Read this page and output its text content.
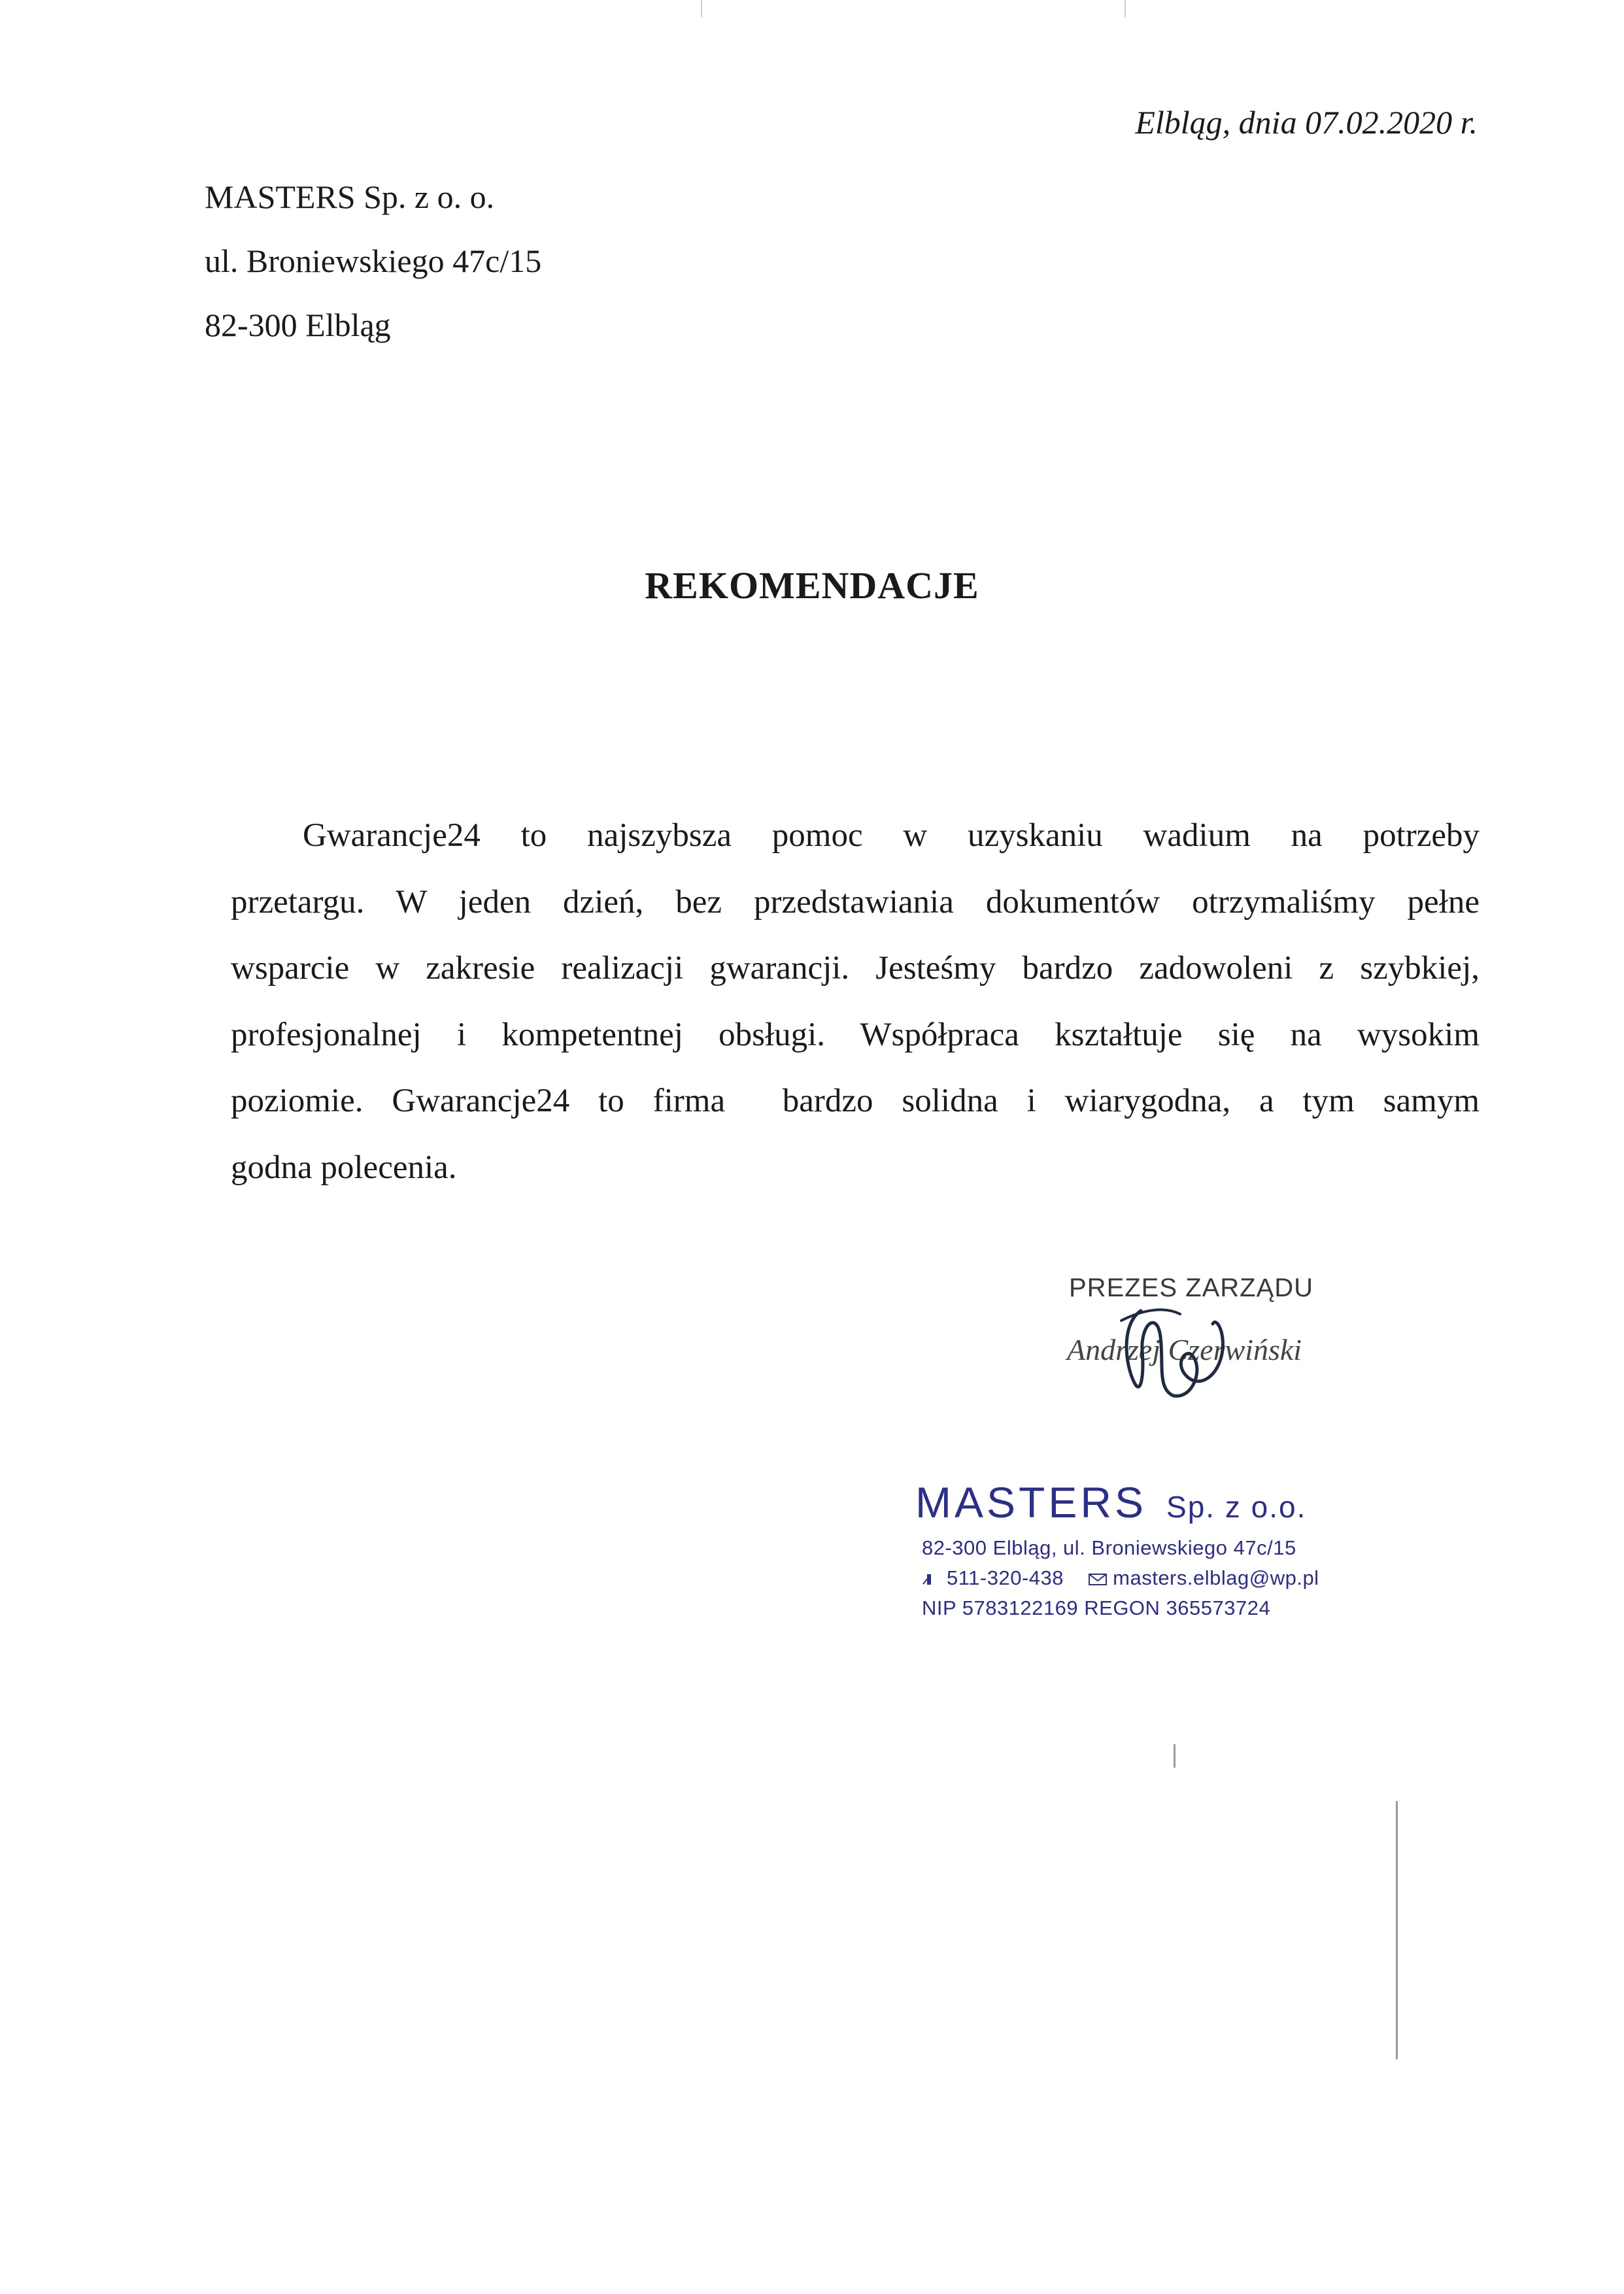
Elbląg, dnia 07.02.2020 r.
MASTERS Sp. z o. o.
ul. Broniewskiego 47c/15
82-300 Elbląg
REKOMENDACJE

Gwarancje24 to najszybsza pomoc w uzyskaniu wadium na potrzeby
przetargu. W jeden dzień, bez przedstawiania dokumentów otrzymaliśmy pełne
wsparcie w zakresie realizacji gwarancji. Jesteśmy bardzo zadowoleni z szybkiej,
profesjonalnej i kompetentnej obsługi. Współpraca kształtuje się na wysokim
poziomie. Gwarancje24 to firma  bardzo solidna i wiarygodna, a tym samym
godna polecenia.

PREZES ZARZĄDU
Andrzej Czerwiński
MASTERS Sp. z o.o.
82-300 Elbląg, ul. Broniewskiego 47c/15
511-320-438 masters.elblag@wp.pl
NIP 5783122169 REGON 365573724
